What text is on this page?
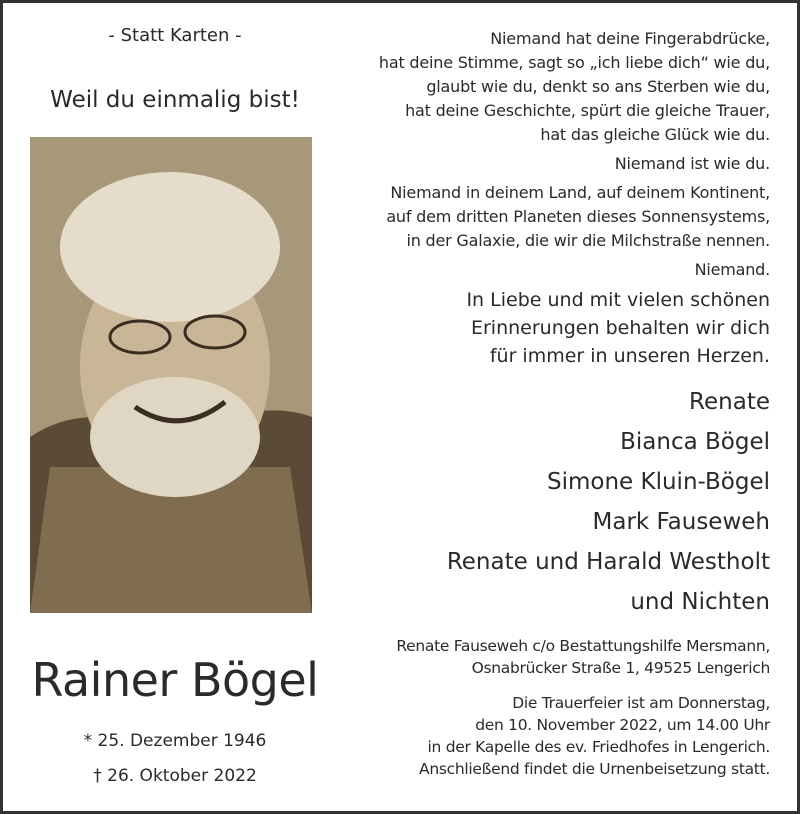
- Statt Karten -
Weil du einmalig bist!
Rainer Bögel
* 25. Dezember 1946
† 26. Oktober 2022
Niemand hat deine Fingerabdrücke,
hat deine Stimme, sagt so „ich liebe dich“ wie du,
glaubt wie du, denkt so ans Sterben wie du,
hat deine Geschichte, spürt die gleiche Trauer,
hat das gleiche Glück wie du.
Niemand ist wie du.
Niemand in deinem Land, auf deinem Kontinent,
auf dem dritten Planeten dieses Sonnensystems,
in der Galaxie, die wir die Milchstraße nennen.
Niemand.
In Liebe und mit vielen schönen
Erinnerungen behalten wir dich
für immer in unseren Herzen.
Renate
Bianca Bögel
Simone Kluin-Bögel
Mark Fauseweh
Renate und Harald Westholt
und Nichten
Renate Fauseweh c/o Bestattungshilfe Mersmann,
Osnabrücker Straße 1, 49525 Lengerich
Die Trauerfeier ist am Donnerstag,
den 10. November 2022, um 14.00 Uhr
in der Kapelle des ev. Friedhofes in Lengerich.
Anschließend findet die Urnenbeisetzung statt.
